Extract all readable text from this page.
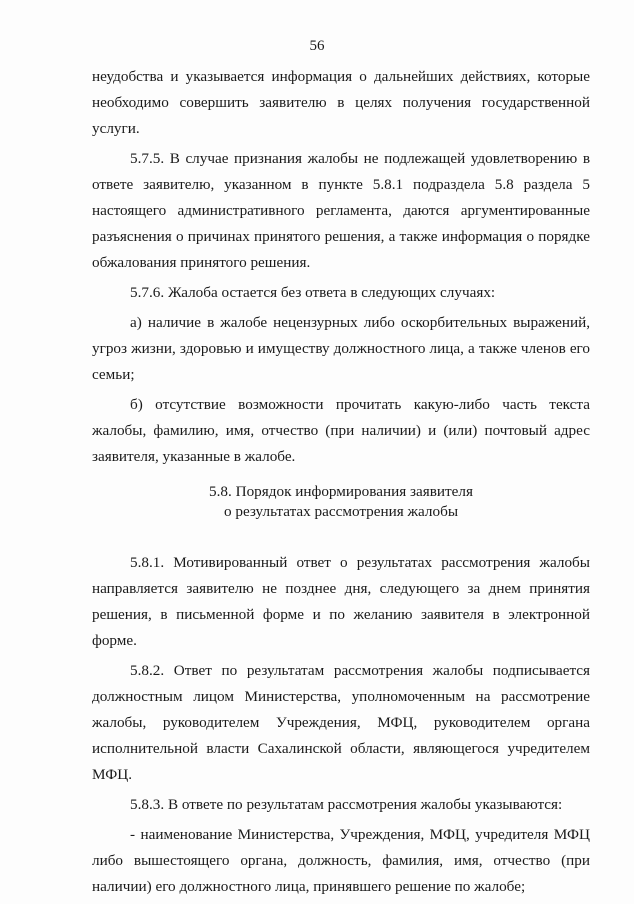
56

неудобства и указывается информация о дальнейших действиях, которые необходимо совершить заявителю в целях получения государственной услуги.

5.7.5. В случае признания жалобы не подлежащей удовлетворению в ответе заявителю, указанном в пункте 5.8.1 подраздела 5.8 раздела 5 настоящего административного регламента, даются аргументированные разъяснения о причинах принятого решения, а также информация о порядке обжалования принятого решения.

5.7.6. Жалоба остается без ответа в следующих случаях:

а) наличие в жалобе нецензурных либо оскорбительных выражений, угроз жизни, здоровью и имуществу должностного лица, а также членов его семьи;

б) отсутствие возможности прочитать какую-либо часть текста жалобы, фамилию, имя, отчество (при наличии) и (или) почтовый адрес заявителя, указанные в жалобе.

5.8. Порядок информирования заявителя
о результатах рассмотрения жалобы

5.8.1. Мотивированный ответ о результатах рассмотрения жалобы направляется заявителю не позднее дня, следующего за днем принятия решения, в письменной форме и по желанию заявителя в электронной форме.

5.8.2. Ответ по результатам рассмотрения жалобы подписывается должностным лицом Министерства, уполномоченным на рассмотрение жалобы, руководителем Учреждения, МФЦ, руководителем органа исполнительной власти Сахалинской области, являющегося учредителем МФЦ.

5.8.3. В ответе по результатам рассмотрения жалобы указываются:

- наименование Министерства, Учреждения, МФЦ, учредителя МФЦ либо вышестоящего органа, должность, фамилия, имя, отчество (при наличии) его должностного лица, принявшего решение по жалобе;
